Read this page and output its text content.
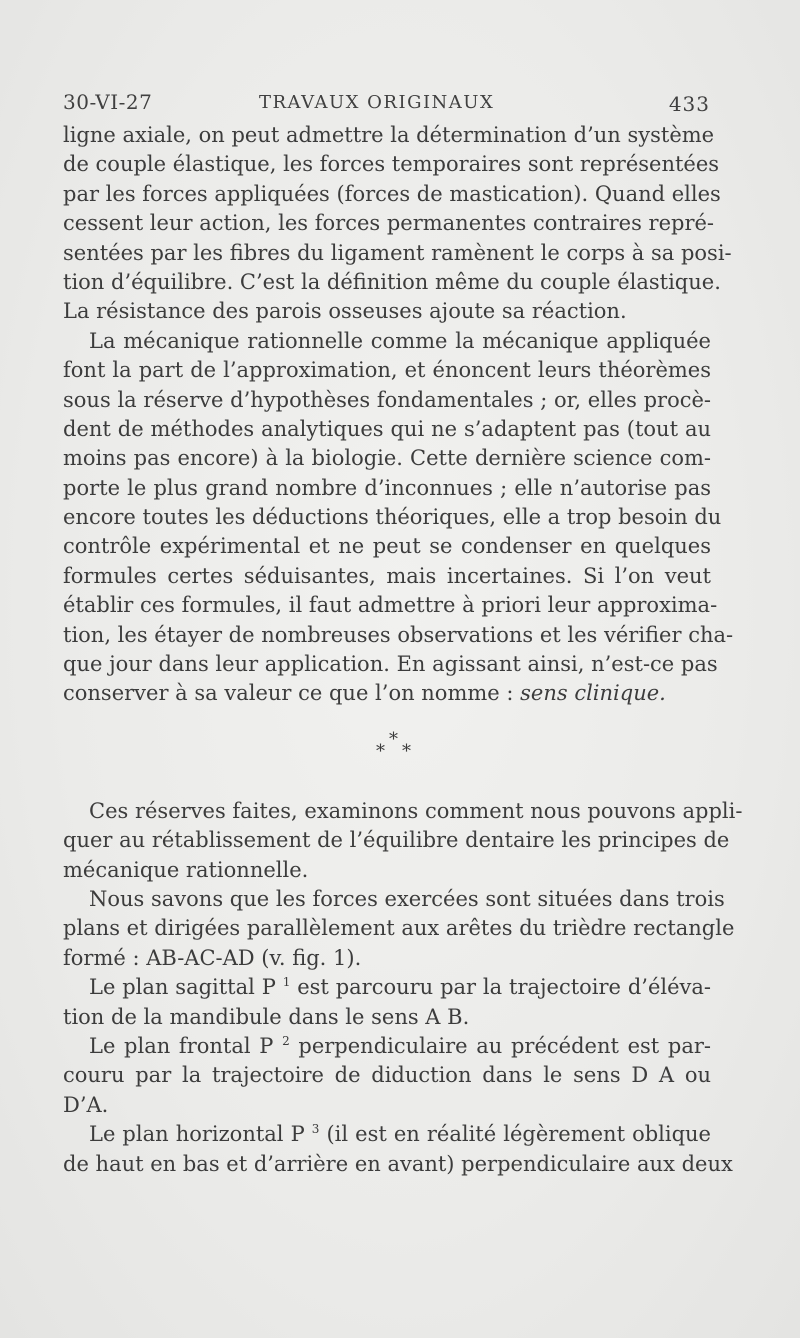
30-VI-27	TRAVAUX ORIGINAUX	433
ligne axiale, on peut admettre la détermination d’un système
de couple élastique, les forces temporaires sont représentées
par les forces appliquées (forces de mastication). Quand elles
cessent leur action, les forces permanentes contraires repré-
sentées par les fibres du ligament ramènent le corps à sa posi-
tion d’équilibre. C’est la définition même du couple élastique.
La résistance des parois osseuses ajoute sa réaction.
La mécanique rationnelle comme la mécanique appliquée
font la part de l’approximation, et énoncent leurs théorèmes
sous la réserve d’hypothèses fondamentales ; or, elles procè-
dent de méthodes analytiques qui ne s’adaptent pas (tout au
moins pas encore) à la biologie. Cette dernière science com-
porte le plus grand nombre d’inconnues ; elle n’autorise pas
encore toutes les déductions théoriques, elle a trop besoin du
contrôle expérimental et ne peut se condenser en quelques
formules certes séduisantes, mais incertaines. Si l’on veut
établir ces formules, il faut admettre à priori leur approxima-
tion, les étayer de nombreuses observations et les vérifier cha-
que jour dans leur application. En agissant ainsi, n’est-ce pas
conserver à sa valeur ce que l’on nomme : sens clinique.
*
* *
Ces réserves faites, examinons comment nous pouvons appli-
quer au rétablissement de l’équilibre dentaire les principes de
mécanique rationnelle.
Nous savons que les forces exercées sont situées dans trois
plans et dirigées parallèlement aux arêtes du trièdre rectangle
formé : AB-AC-AD (v. fig. 1).
Le plan sagittal P $^1$ est parcouru par la trajectoire d’éléva-
tion de la mandibule dans le sens A B.
Le plan frontal P $^2$ perpendiculaire au précédent est par-
couru par la trajectoire de diduction dans le sens D A ou
D’A.
Le plan horizontal P $^3$ (il est en réalité légèrement oblique
de haut en bas et d’arrière en avant) perpendiculaire aux deux
